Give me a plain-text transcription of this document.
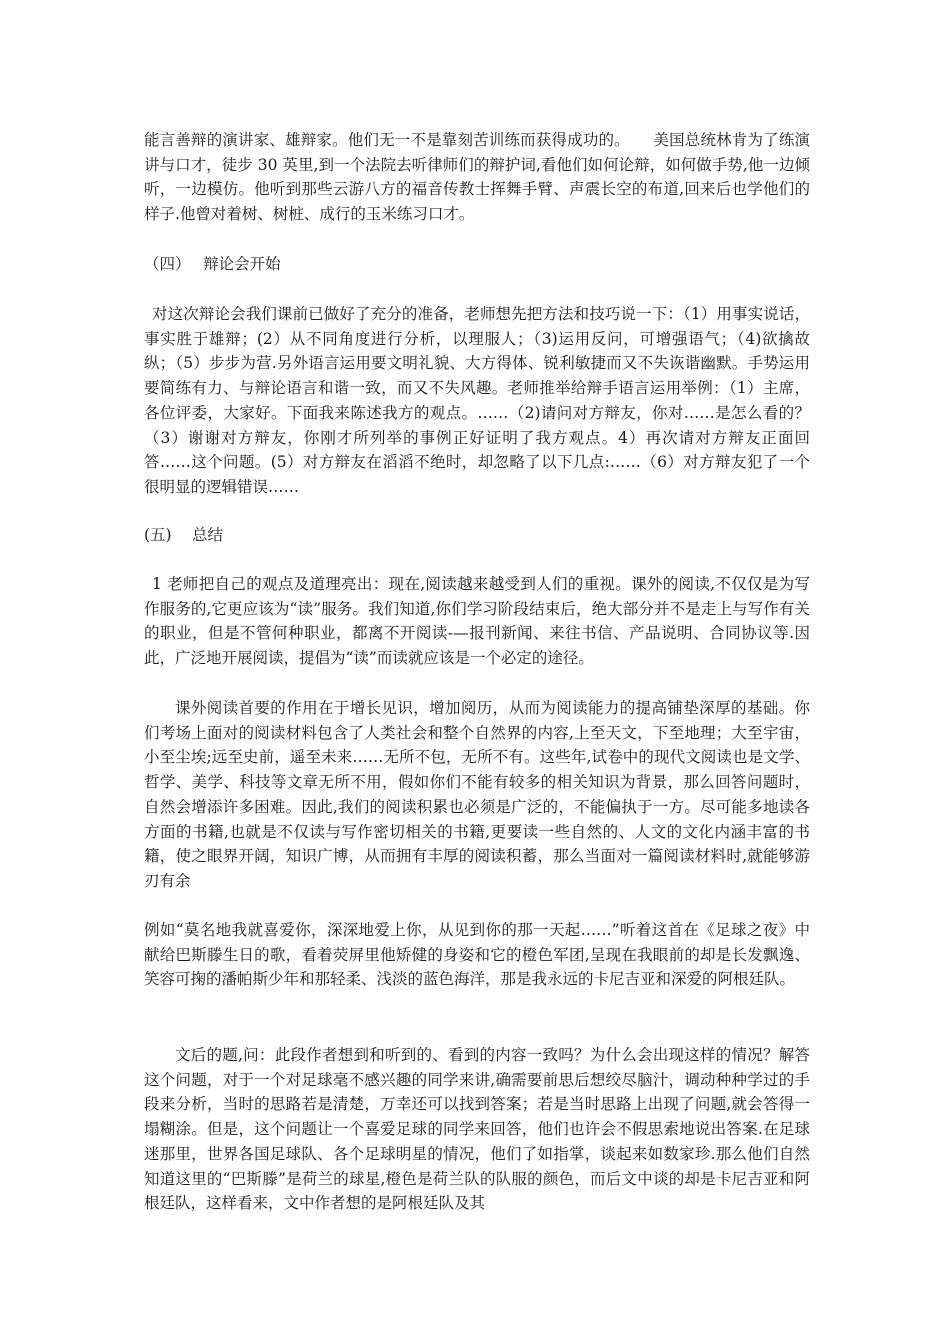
能言善辩的演讲家、雄辩家。他们无一不是靠刻苦训练而获得成功的。　　美国总统林肯为了练演讲与口才，徒步 30 英里,到一个法院去听律师们的辩护词,看他们如何论辩，如何做手势,他一边倾听，一边模仿。他听到那些云游八方的福音传教士挥舞手臂、声震长空的布道,回来后也学他们的样子.他曾对着树、树桩、成行的玉米练习口才。

（四）　 辩论会开始

对这次辩论会我们课前已做好了充分的准备，老师想先把方法和技巧说一下：（1）用事实说话，事实胜于雄辩；(2）从不同角度进行分析，以理服人；（3)运用反问，可增强语气；（4)欲擒故纵；（5）步步为营.另外语言运用要文明礼貌、大方得体、锐利敏捷而又不失诙谐幽默。手势运用要简练有力、与辩论语言和谐一致，而又不失风趣。老师推举给辩手语言运用举例：（1）主席，各位评委，大家好。下面我来陈述我方的观点。……（2)请问对方辩友，你对……是怎么看的？（3）谢谢对方辩友，你刚才所列举的事例正好证明了我方观点。4）再次请对方辩友正面回答……这个问题。(5）对方辩友在滔滔不绝时，却忽略了以下几点:……（6）对方辩友犯了一个很明显的逻辑错误……

(五)　 总结

1 老师把自己的观点及道理亮出：现在,阅读越来越受到人们的重视。课外的阅读,不仅仅是为写作服务的,它更应该为“读”服务。我们知道,你们学习阶段结束后，绝大部分并不是走上与写作有关的职业，但是不管何种职业，都离不开阅读-—报刊新闻、来往书信、产品说明、合同协议等.因此，广泛地开展阅读，提倡为“读”而读就应该是一个必定的途径。

课外阅读首要的作用在于增长见识，增加阅历，从而为阅读能力的提高铺垫深厚的基础。你们考场上面对的阅读材料包含了人类社会和整个自然界的内容,上至天文，下至地理；大至宇宙，小至尘埃;远至史前，遥至未来……无所不包，无所不有。这些年,试卷中的现代文阅读也是文学、哲学、美学、科技等文章无所不用，假如你们不能有较多的相关知识为背景，那么回答问题时，自然会增添许多困难。因此,我们的阅读积累也必须是广泛的，不能偏执于一方。尽可能多地读各方面的书籍,也就是不仅读与写作密切相关的书籍,更要读一些自然的、人文的文化内涵丰富的书籍，使之眼界开阔，知识广博，从而拥有丰厚的阅读积蓄，那么当面对一篇阅读材料时,就能够游刃有余

例如“莫名地我就喜爱你，深深地爱上你，从见到你的那一天起……”听着这首在《足球之夜》中献给巴斯滕生日的歌，看着荧屏里他矫健的身姿和它的橙色军团,呈现在我眼前的却是长发飘逸、笑容可掬的潘帕斯少年和那轻柔、浅淡的蓝色海洋，那是我永远的卡尼吉亚和深爱的阿根廷队。

文后的题,问：此段作者想到和听到的、看到的内容一致吗？为什么会出现这样的情况？解答这个问题，对于一个对足球毫不感兴趣的同学来讲,确需要前思后想绞尽脑汁，调动种种学过的手段来分析，当时的思路若是清楚，万幸还可以找到答案；若是当时思路上出现了问题,就会答得一塌糊涂。但是，这个问题让一个喜爱足球的同学来回答，他们也许会不假思索地说出答案.在足球迷那里，世界各国足球队、各个足球明星的情况，他们了如指掌，谈起来如数家珍.那么他们自然知道这里的“巴斯滕”是荷兰的球星,橙色是荷兰队的队服的颜色，而后文中谈的却是卡尼吉亚和阿根廷队，这样看来，文中作者想的是阿根廷队及其
